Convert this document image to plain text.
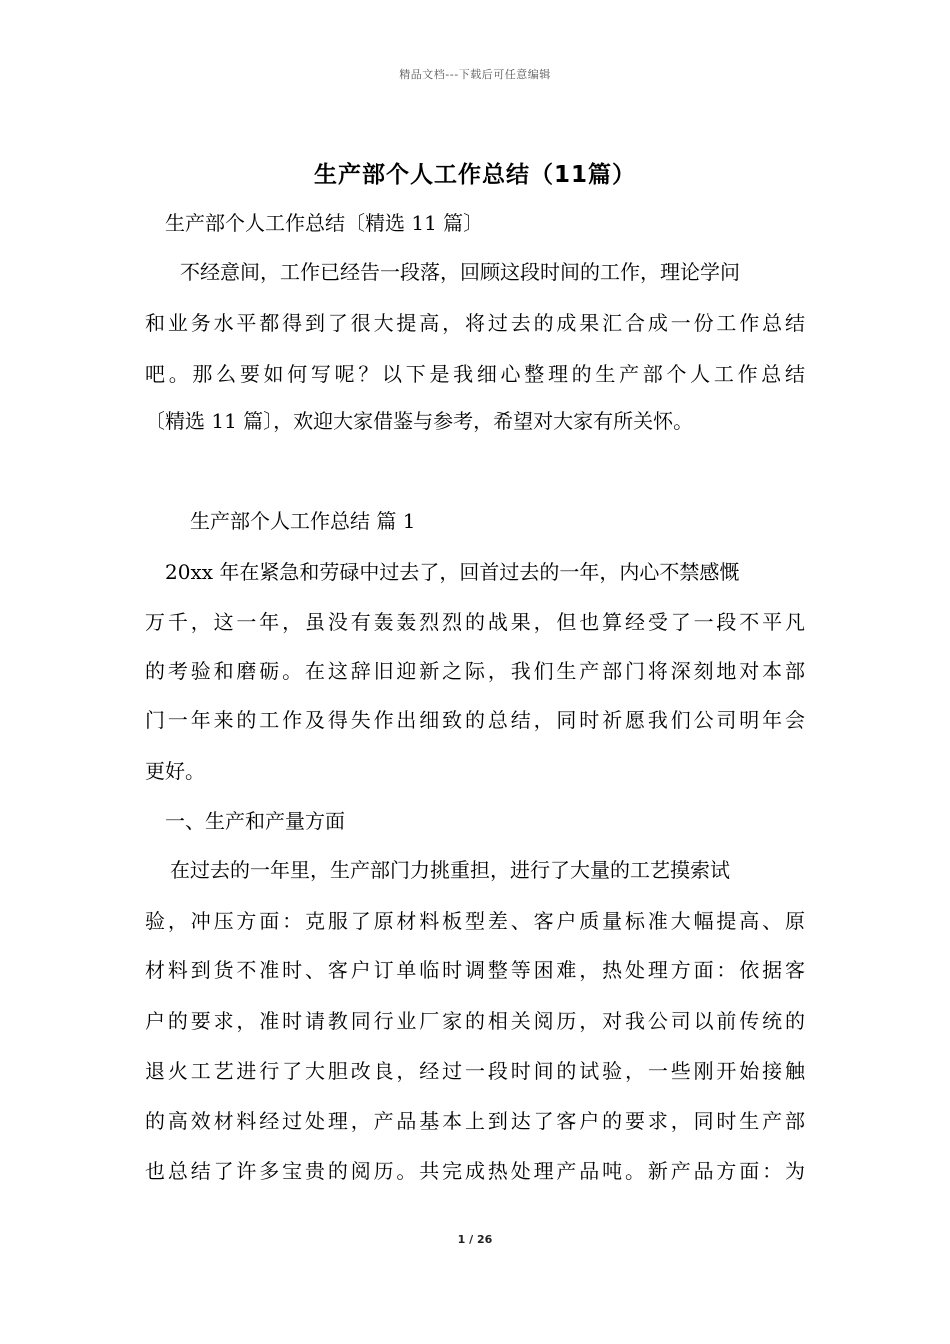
精品文档---下载后可任意编辑
生产部个人工作总结（11篇）
生产部个人工作总结〔精选 11 篇〕
不经意间，工作已经告一段落，回顾这段时间的工作，理论学问
和业务水平都得到了很大提高，将过去的成果汇合成一份工作总结
吧。那么要如何写呢？以下是我细心整理的生产部个人工作总结
〔精选 11 篇〕，欢迎大家借鉴与参考，希望对大家有所关怀。
生产部个人工作总结 篇 1
20xx 年在紧急和劳碌中过去了，回首过去的一年，内心不禁感慨
万千，这一年，虽没有轰轰烈烈的战果，但也算经受了一段不平凡
的考验和磨砺。在这辞旧迎新之际，我们生产部门将深刻地对本部
门一年来的工作及得失作出细致的总结，同时祈愿我们公司明年会
更好。
一、生产和产量方面
在过去的一年里，生产部门力挑重担，进行了大量的工艺摸索试
验，冲压方面：克服了原材料板型差、客户质量标准大幅提高、原
材料到货不准时、客户订单临时调整等困难，热处理方面：依据客
户的要求，准时请教同行业厂家的相关阅历，对我公司以前传统的
退火工艺进行了大胆改良，经过一段时间的试验，一些刚开始接触
的高效材料经过处理，产品基本上到达了客户的要求，同时生产部
也总结了许多宝贵的阅历。共完成热处理产品吨。新产品方面：为
1 / 26
